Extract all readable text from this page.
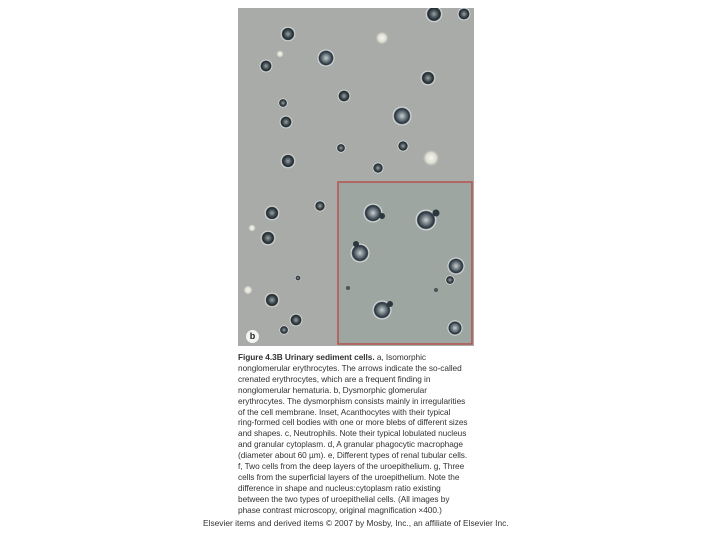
b
Figure 4.3B Urinary sediment cells. a, Isomorphic
nonglomerular erythrocytes. The arrows indicate the so-called
crenated erythrocytes, which are a frequent finding in
nonglomerular hematuria. b, Dysmorphic glomerular
erythrocytes. The dysmorphism consists mainly in irregularities
of the cell membrane. Inset, Acanthocytes with their typical
ring-formed cell bodies with one or more blebs of different sizes
and shapes. c, Neutrophils. Note their typical lobulated nucleus
and granular cytoplasm. d, A granular phagocytic macrophage
(diameter about 60 µm). e, Different types of renal tubular cells.
f, Two cells from the deep layers of the uroepithelium. g, Three
cells from the superficial layers of the uroepithelium. Note the
difference in shape and nucleus:cytoplasm ratio existing
between the two types of uroepithelial cells. (All images by
phase contrast microscopy, original magnification ×400.)
Elsevier items and derived items © 2007 by Mosby, Inc., an affiliate of Elsevier Inc.
